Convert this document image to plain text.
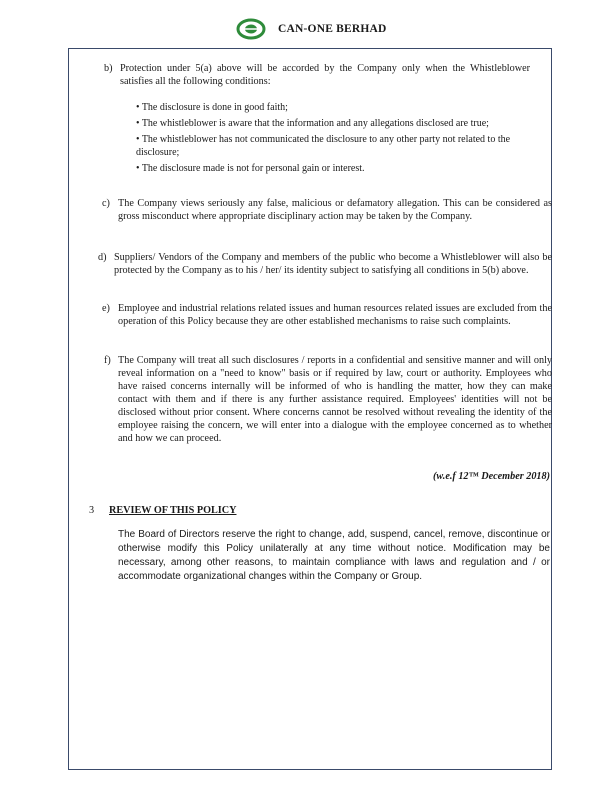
CAN-ONE BERHAD
b) Protection under 5(a) above will be accorded by the Company only when the Whistleblower satisfies all the following conditions:
• The disclosure is done in good faith;
• The whistleblower is aware that the information and any allegations disclosed are true;
• The whistleblower has not communicated the disclosure to any other party not related to the disclosure;
• The disclosure made is not for personal gain or interest.
c) The Company views seriously any false, malicious or defamatory allegation. This can be considered as gross misconduct where appropriate disciplinary action may be taken by the Company.
d) Suppliers/ Vendors of the Company and members of the public who become a Whistleblower will also be protected by the Company as to his / her/ its identity subject to satisfying all conditions in 5(b) above.
e) Employee and industrial relations related issues and human resources related issues are excluded from the operation of this Policy because they are other established mechanisms to raise such complaints.
f) The Company will treat all such disclosures / reports in a confidential and sensitive manner and will only reveal information on a "need to know" basis or if required by law, court or authority. Employees who have raised concerns internally will be informed of who is handling the matter, how they can make contact with them and if there is any further assistance required. Employees' identities will not be disclosed without prior consent. Where concerns cannot be resolved without revealing the identity of the employee raising the concern, we will enter into a dialogue with the employee concerned as to whether and how we can proceed.
(w.e.f 12™ December 2018)
3 REVIEW OF THIS POLICY
The Board of Directors reserve the right to change, add, suspend, cancel, remove, discontinue or otherwise modify this Policy unilaterally at any time without notice. Modification may be necessary, among other reasons, to maintain compliance with laws and regulation and / or accommodate organizational changes within the Company or Group.
